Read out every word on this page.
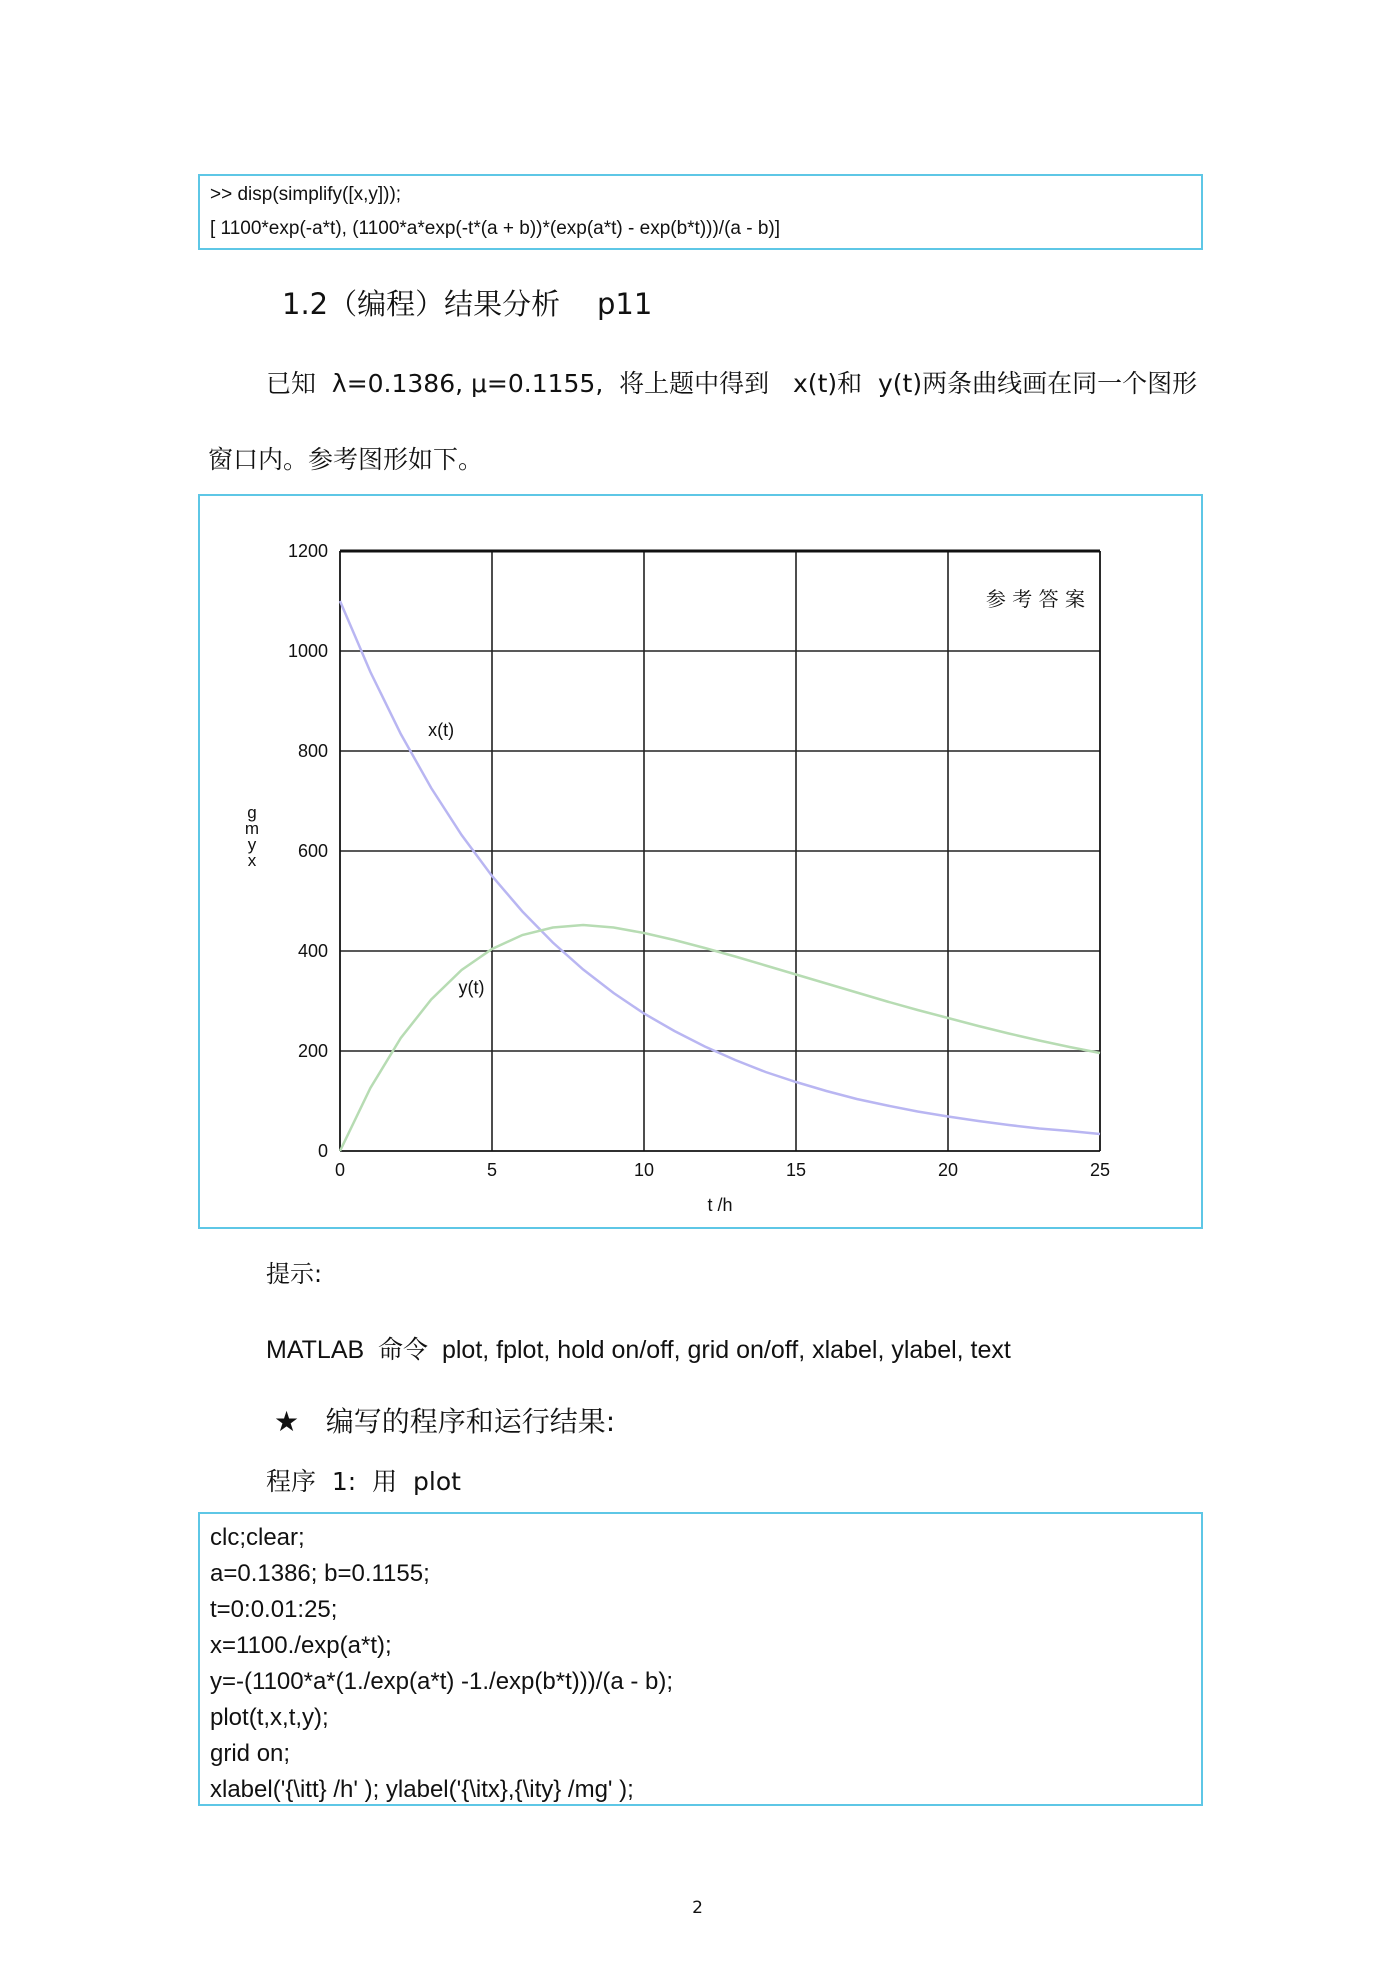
>> disp(simplify([x,y]));
[ 1100*exp(-a*t), (1100*a*exp(-t*(a + b))*(exp(a*t) - exp(b*t)))/(a - b)]
1.2（编程）结果分析    p11
已知  λ=0.1386, μ=0.1155,  将上题中得到   x(t)和  y(t)两条曲线画在同一个图形
窗口内。参考图形如下。
0	5	10	15	20	25
0
200
400
600
800
1000
1200
x(t)
y(t)
参 考 答 案
t /h
g
m
y
x
提示:
MATLAB  命令  plot, fplot, hold on/off, grid on/off, xlabel, ylabel, text
★   编写的程序和运行结果:
程序  1:  用  plot
clc;clear;
a=0.1386; b=0.1155;
t=0:0.01:25;
x=1100./exp(a*t);
y=-(1100*a*(1./exp(a*t) -1./exp(b*t)))/(a - b);
plot(t,x,t,y);
grid on;
xlabel('{\itt} /h' ); ylabel('{\itx},{\ity} /mg' );
2
